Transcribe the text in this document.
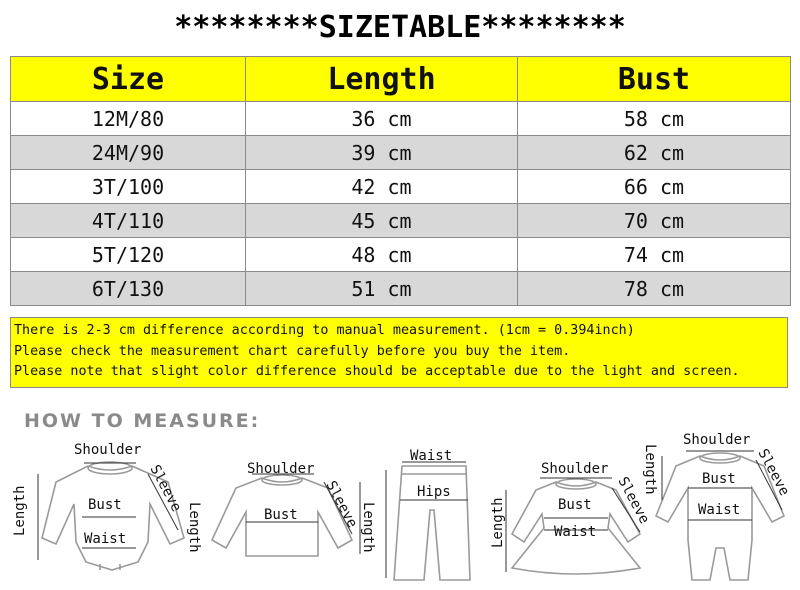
********SIZETABLE********
Size	Length	Bust
12M/80	36 cm	58 cm
24M/90	39 cm	62 cm
3T/100	42 cm	66 cm
4T/110	45 cm	70 cm
5T/120	48 cm	74 cm
6T/130	51 cm	78 cm
There is 2-3 cm difference according to manual measurement. (1cm = 0.394inch)
Please check the measurement chart carefully before you buy the item.
Please note that slight color difference should be acceptable due to the light and screen.
HOW TO MEASURE:
Shoulder
Sleeve
Length	Bust
Waist
Shoulder
Sleeve
Bust
Length
Waist
Hips
Length
Shoulder
Sleeve
Bust
Waist
Length
Shoulder
Sleeve
Length	Bust
Waist
